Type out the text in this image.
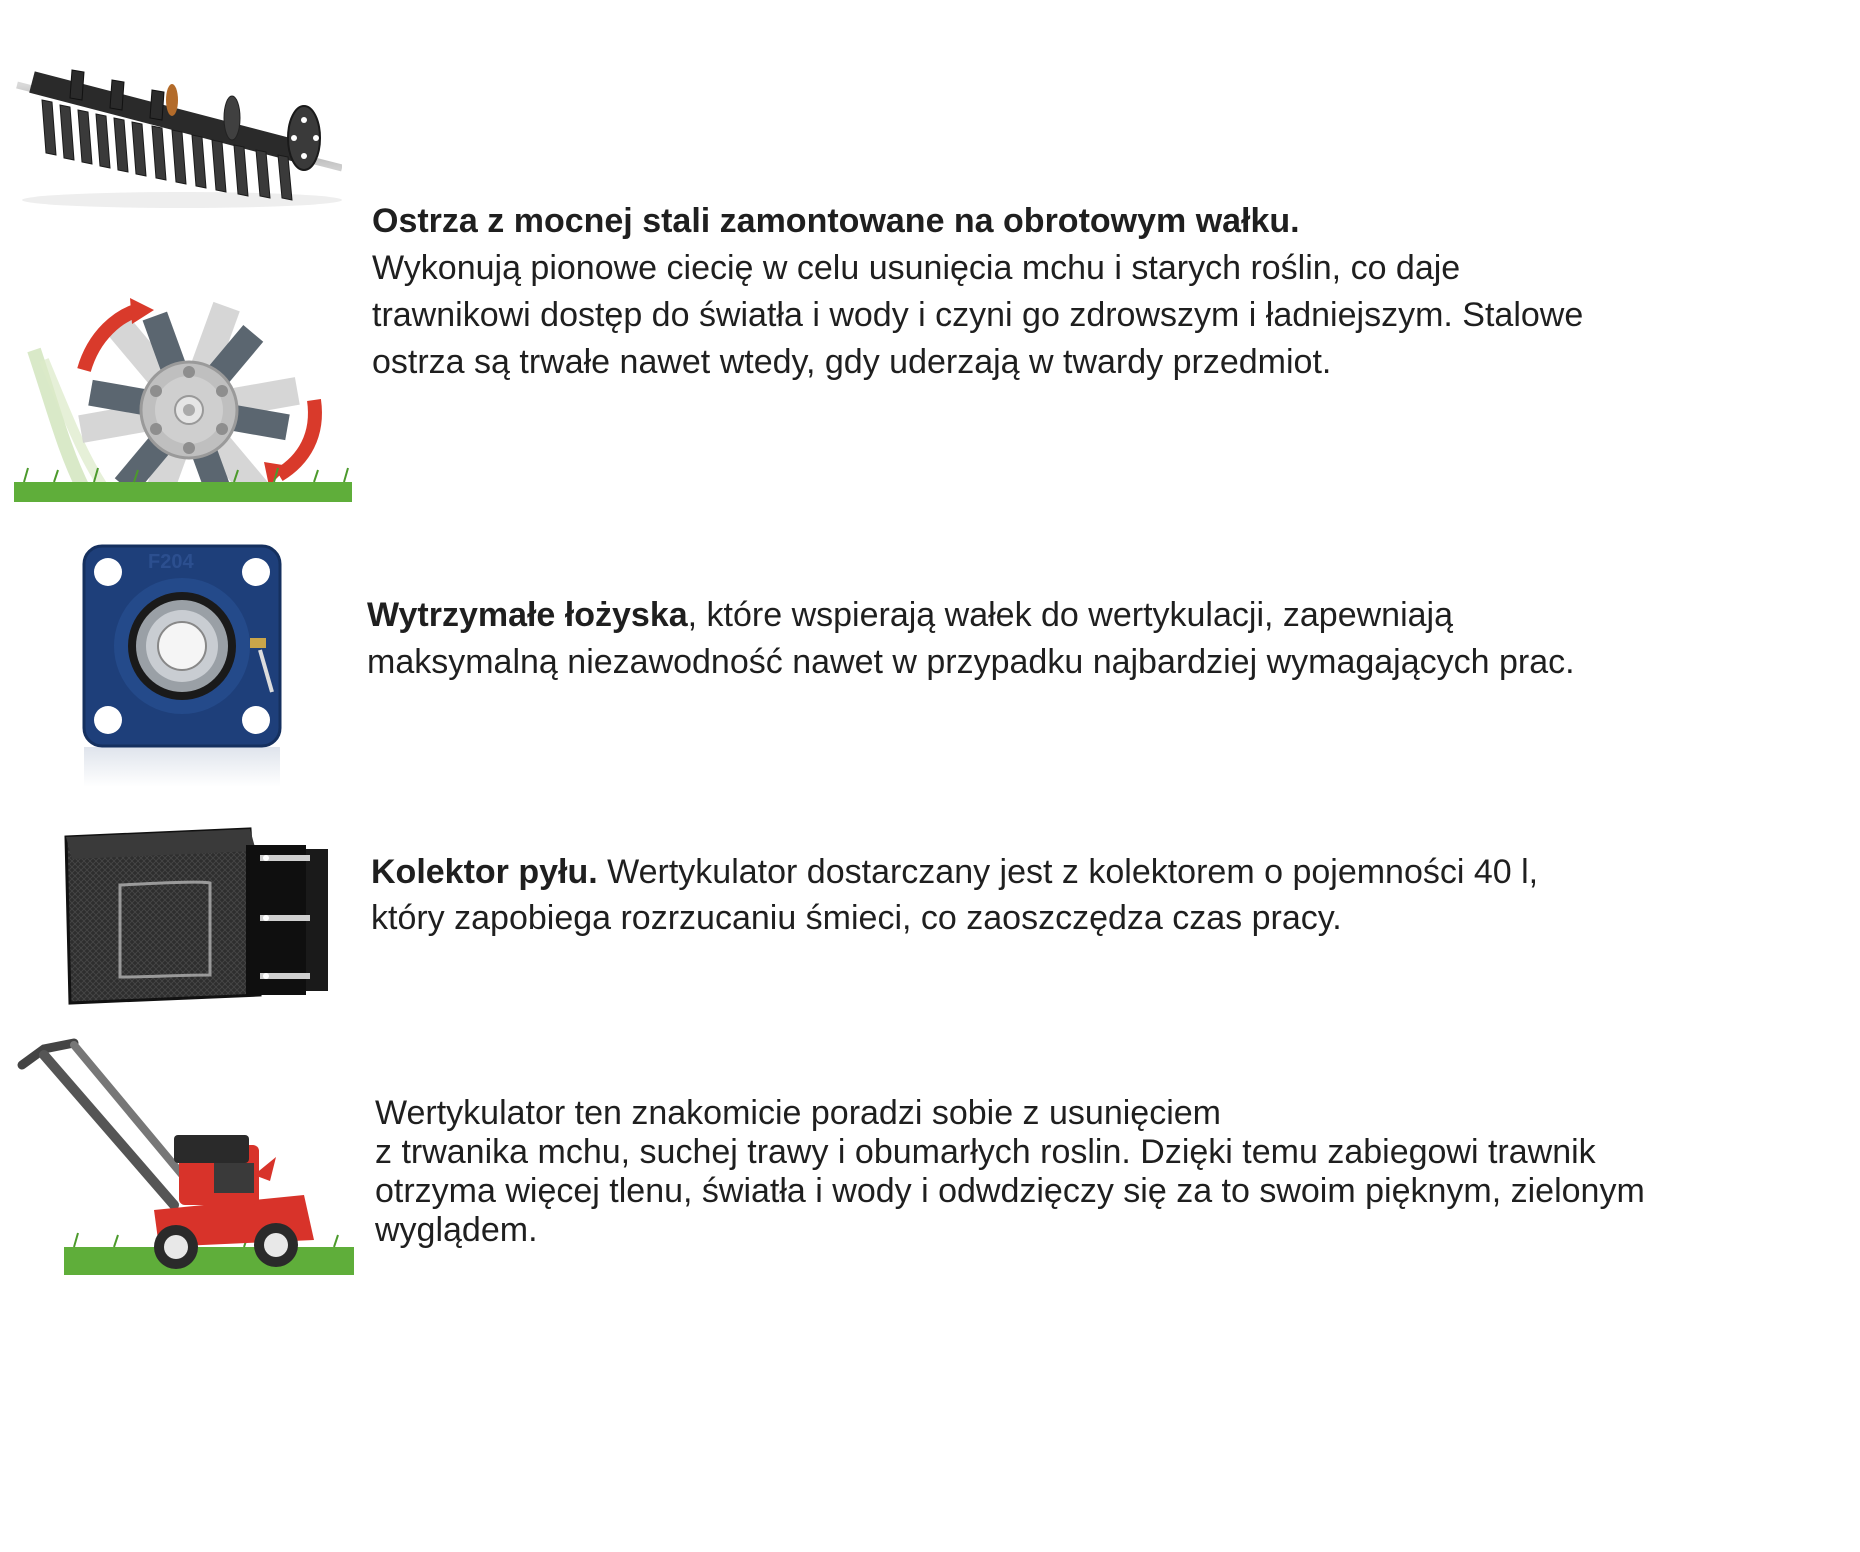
Ostrza z mocnej stali zamontowane na obrotowym wałku.

Wykonują pionowe ciecię w celu usunięcia mchu i starych roślin, co daje

trawnikowi dostęp do światła i wody i czyni go zdrowszym i ładniejszym. Stalowe

ostrza są trwałe nawet wtedy, gdy uderzają w twardy przedmiot.

F204

Wytrzymałe łożyska, które wspierają wałek do wertykulacji, zapewniają

maksymalną niezawodność nawet w przypadku najbardziej wymagających prac.

Kolektor pyłu. Wertykulator dostarczany jest z kolektorem o pojemności 40 l,

który zapobiega rozrzucaniu śmieci, co zaoszczędza czas pracy.

Wertykulator ten znakomicie poradzi sobie z usunięciem

z trwanika mchu, suchej trawy i obumarłych roslin. Dzięki temu zabiegowi trawnik

otrzyma więcej tlenu, światła i wody i odwdzięczy się za to swoim pięknym, zielonym

wyglądem.
